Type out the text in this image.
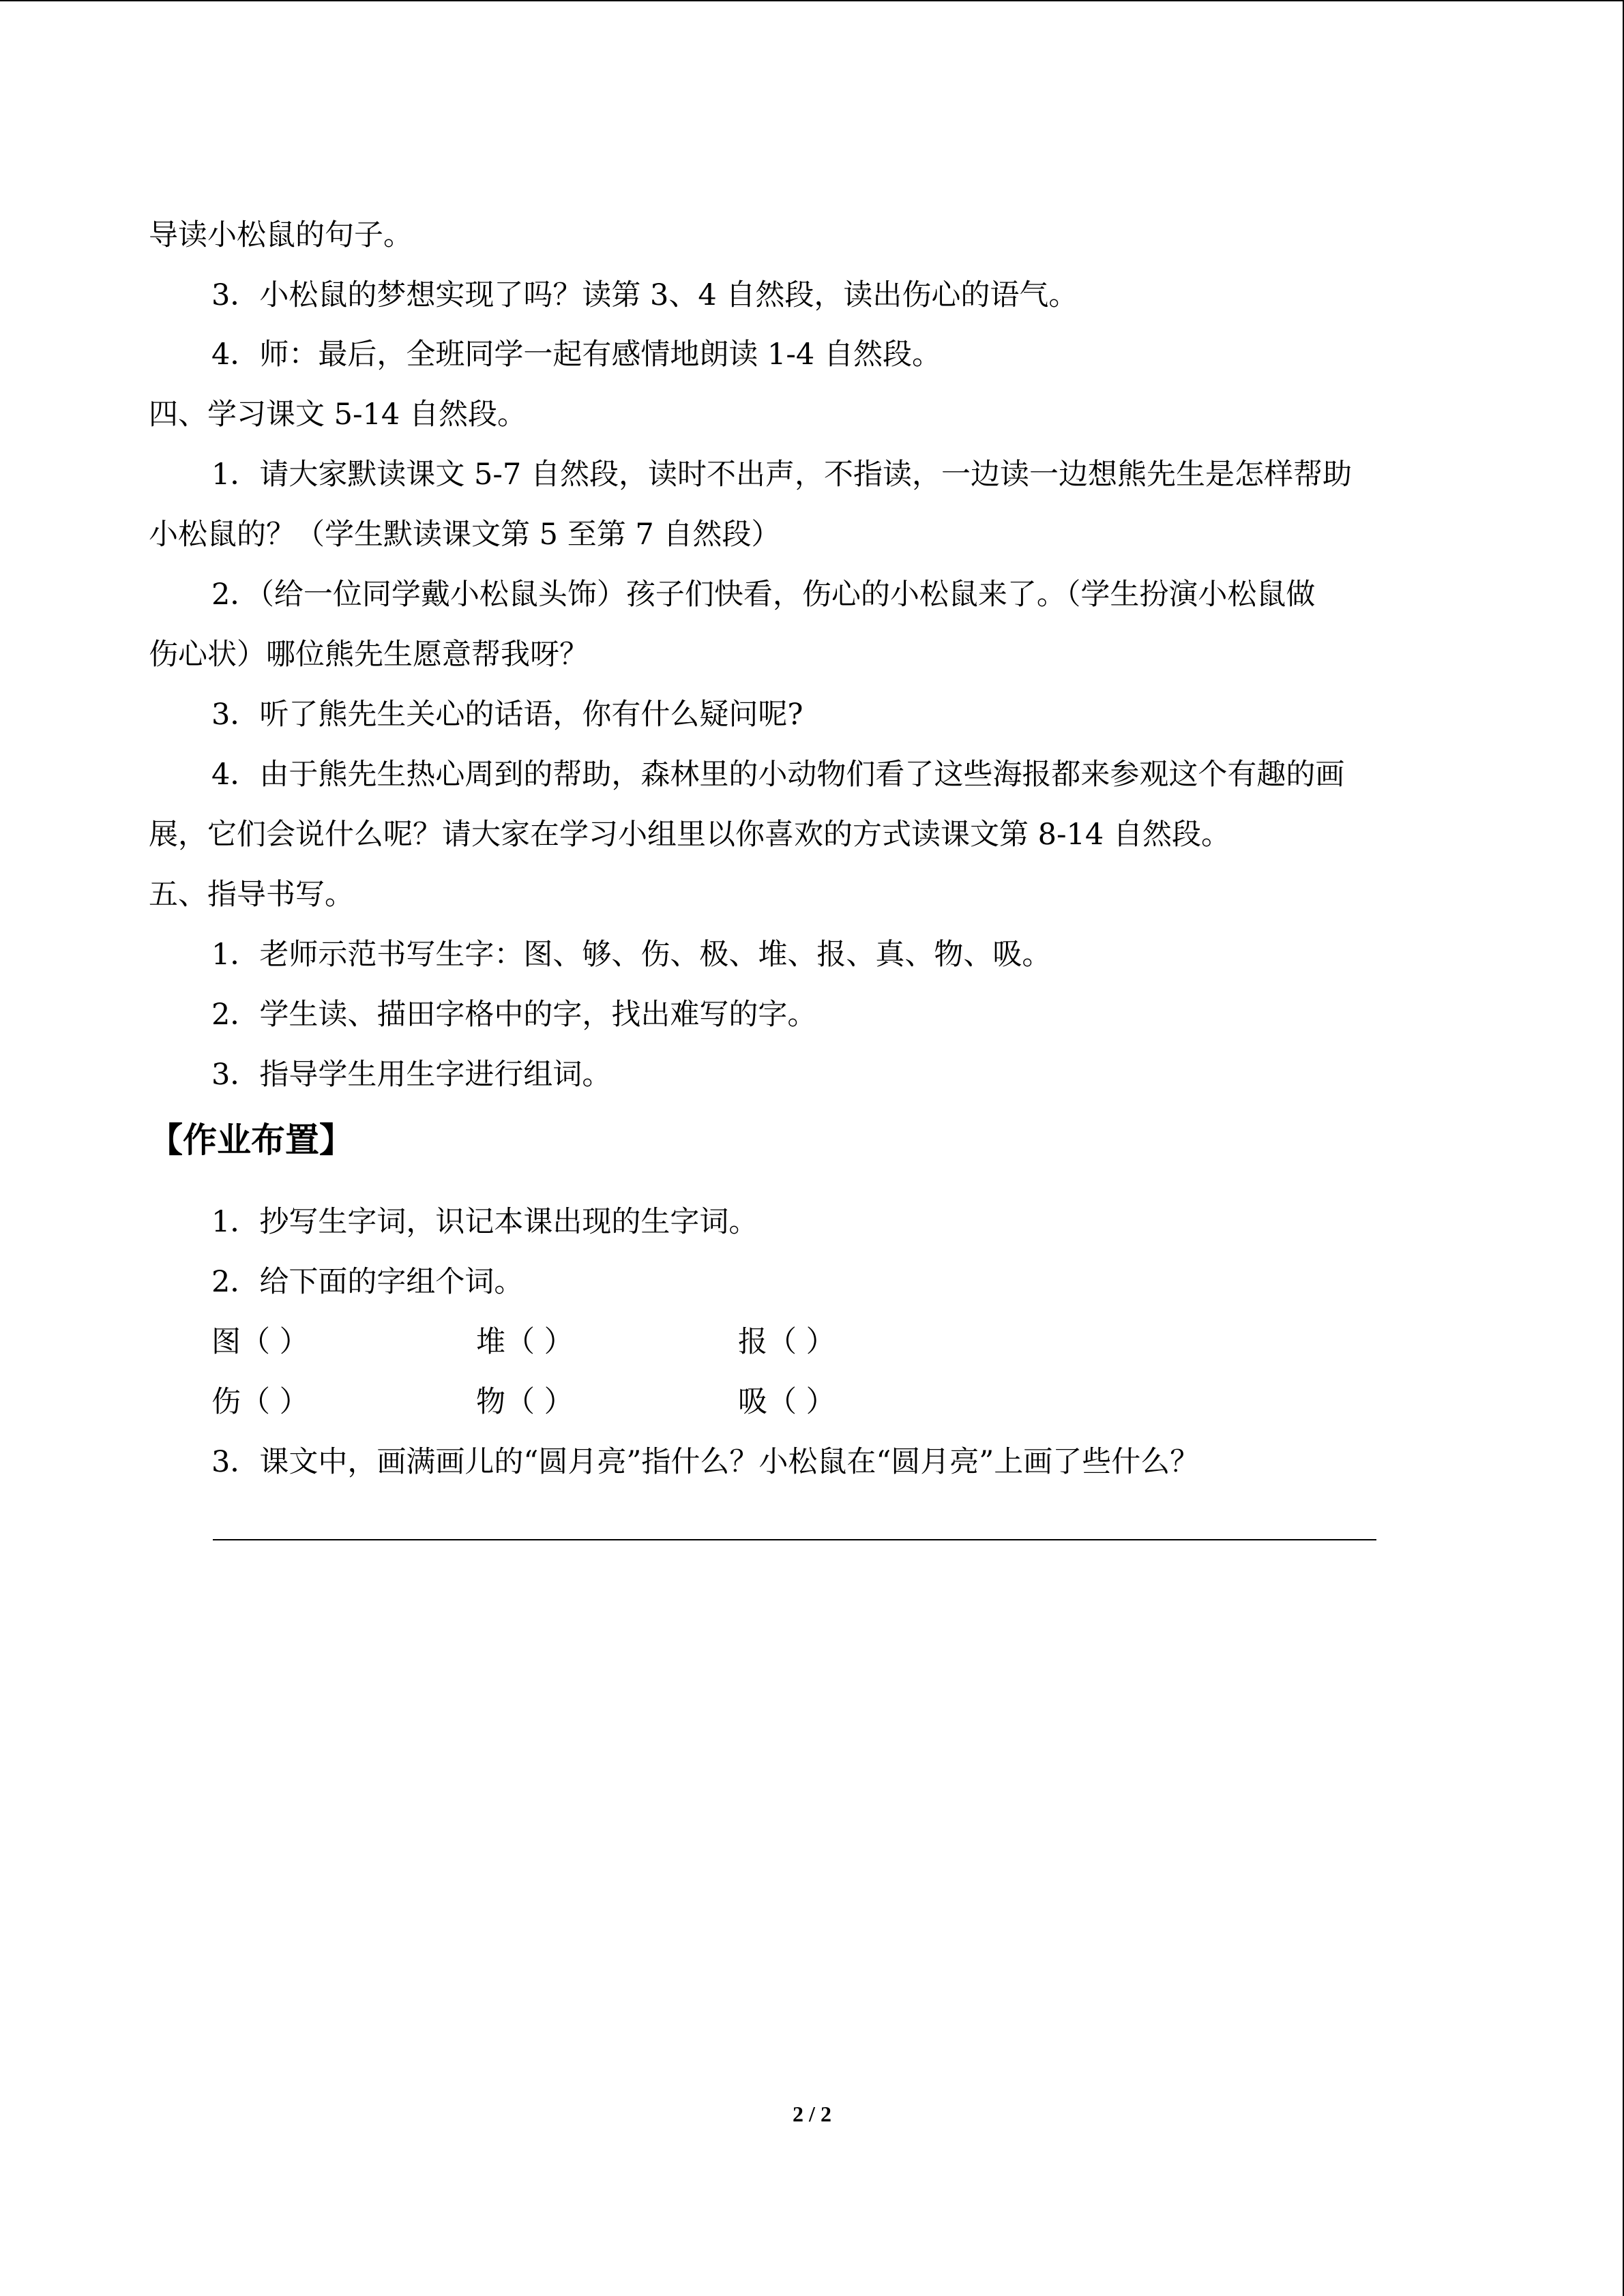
导读小松鼠的句子。
3．小松鼠的梦想实现了吗？读第 3、4 自然段，读出伤心的语气。
4．师：最后，全班同学一起有感情地朗读 1-4 自然段。
四、学习课文 5-14 自然段。
1．请大家默读课文 5-7 自然段，读时不出声，不指读，一边读一边想熊先生是怎样帮助
小松鼠的？（学生默读课文第 5 至第 7 自然段）
2．（给一位同学戴小松鼠头饰）孩子们快看，伤心的小松鼠来了。（学生扮演小松鼠做
伤心状）哪位熊先生愿意帮我呀？
3．听了熊先生关心的话语，你有什么疑问呢?
4．由于熊先生热心周到的帮助，森林里的小动物们看了这些海报都来参观这个有趣的画
展，它们会说什么呢？请大家在学习小组里以你喜欢的方式读课文第 8-14 自然段。
五、指导书写。
1．老师示范书写生字：图、够、伤、极、堆、报、真、物、吸。
2．学生读、描田字格中的字，找出难写的字。
3．指导学生用生字进行组词。
【作业布置】
1．抄写生字词，识记本课出现的生字词。
2．给下面的字组个词。
图（ ）	堆（ ）	报（ ）
伤（ ）	物（ ）	吸（ ）
3．课文中，画满画儿的“圆月亮”指什么？小松鼠在“圆月亮”上画了些什么？
2 / 2
